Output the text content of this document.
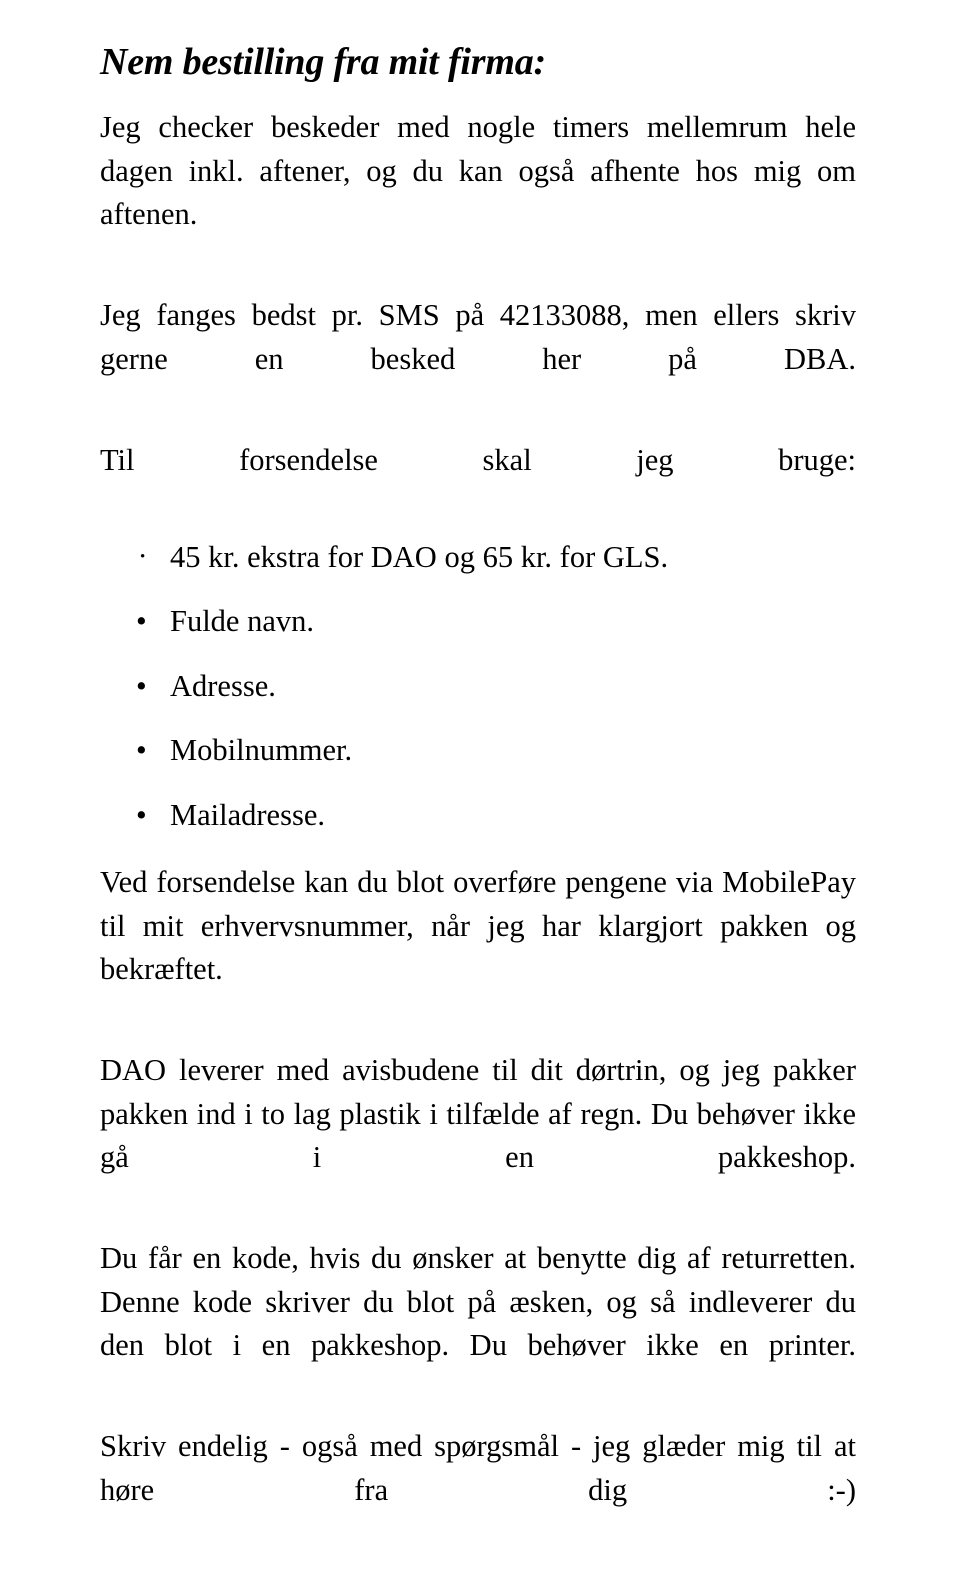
Nem bestilling fra mit firma:

Jeg checker beskeder med nogle timers mellemrum hele dagen inkl. aftener, og du kan også afhente hos mig om aftenen.

Jeg fanges bedst pr. SMS på 42133088, men ellers skriv gerne en besked her på DBA.

Til forsendelse skal jeg bruge:

• 45 kr. ekstra for DAO og 65 kr. for GLS.
• Fulde navn.
• Adresse.
• Mobilnummer.
• Mailadresse.

Ved forsendelse kan du blot overføre pengene via MobilePay til mit erhvervsnummer, når jeg har klargjort pakken og bekræftet.

DAO leverer med avisbudene til dit dørtrin, og jeg pakker pakken ind i to lag plastik i tilfælde af regn. Du behøver ikke gå i en pakkeshop.

Du får en kode, hvis du ønsker at benytte dig af returretten. Denne kode skriver du blot på æsken, og så indleverer du den blot i en pakkeshop. Du behøver ikke en printer.

Skriv endelig - også med spørgsmål - jeg glæder mig til at høre fra dig :-)
